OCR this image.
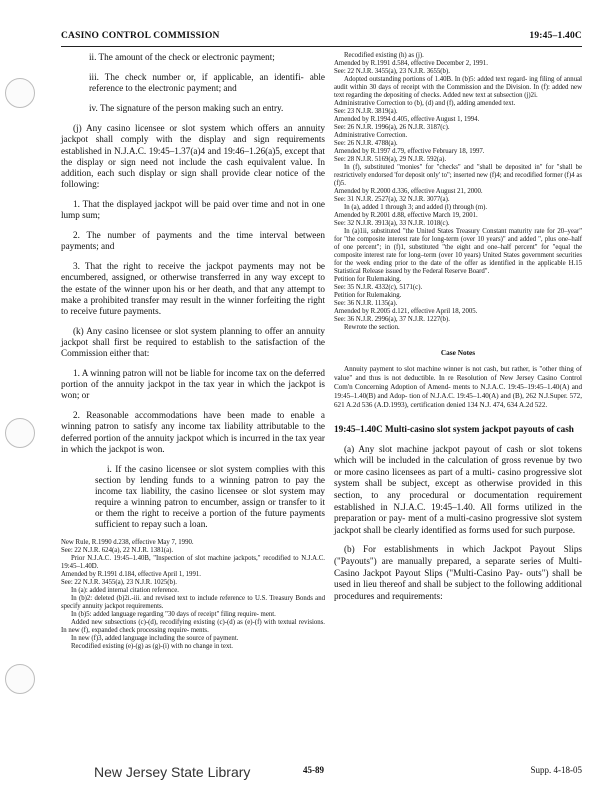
CASINO CONTROL COMMISSION	19:45–1.40C
ii. The amount of the check or electronic payment;
iii. The check number or, if applicable, an identifi- able reference to the electronic payment; and
iv. The signature of the person making such an entry.
(j) Any casino licensee or slot system which offers an annuity jackpot shall comply with the display and sign requirements established in N.J.A.C. 19:45–1.37(a)4 and 19:46–1.26(a)5, except that the display or sign need not include the cash equivalent value. In addition, each such display or sign shall provide clear notice of the following:
1. That the displayed jackpot will be paid over time and not in one lump sum;
2. The number of payments and the time interval between payments; and
3. That the right to receive the jackpot payments may not be encumbered, assigned, or otherwise transferred in any way except to the estate of the winner upon his or her death, and that any attempt to make a prohibited transfer may result in the winner forfeiting the right to receive future payments.
(k) Any casino licensee or slot system planning to offer an annuity jackpot shall first be required to establish to the satisfaction of the Commission either that:
1. A winning patron will not be liable for income tax on the deferred portion of the annuity jackpot in the tax year in which the jackpot is won; or
2. Reasonable accommodations have been made to enable a winning patron to satisfy any income tax liability attributable to the deferred portion of the annuity jackpot which is incurred in the tax year in which the jackpot is won.
i. If the casino licensee or slot system complies with this section by lending funds to a winning patron to pay the income tax liability, the casino licensee or slot system may require a winning patron to encumber, assign or transfer to it or them the right to receive a portion of the future payments sufficient to repay such a loan.

New Rule, R.1990 d.238, effective May 7, 1990.

See: 22 N.J.R. 624(a), 22 N.J.R. 1381(a).

Prior N.J.A.C. 19:45–1.40B, "Inspection of slot machine jackpots," recodified to N.J.A.C. 19:45–1.40D.

Amended by R.1991 d.184, effective April 1, 1991.

See: 22 N.J.R. 3455(a), 23 N.J.R. 1025(b).

In (a): added internal citation reference.

In (b)2: deleted (b)2i.-iii. and revised text to include reference to U.S. Treasury Bonds and specify annuity jackpot requirements.

In (b)5: added language regarding "30 days of receipt" filing require- ment.

Added new subsections (c)-(d), recodifying existing (c)-(d) as (e)-(f) with textual revisions. In new (f), expanded check processing require- ments.

In new (f)3, added language including the source of payment.

Recodified existing (e)-(g) as (g)-(i) with no change in text.

Recodified existing (h) as (j).

Amended by R.1991 d.584, effective December 2, 1991.

See: 22 N.J.R. 3455(a), 23 N.J.R. 3655(b).

Adopted outstanding portions of 1.40B. In (b)5: added text regard- ing filing of annual audit within 30 days of receipt with the Commission and the Division. In (f): added new text regarding the depositing of checks. Added new text at subsection (j)2i.

Administrative Correction to (b), (d) and (f), adding amended text.

See: 23 N.J.R. 3819(a).

Amended by R.1994 d.405, effective August 1, 1994.

See: 26 N.J.R. 1996(a), 26 N.J.R. 3187(c).

Administrative Correction.

See: 26 N.J.R. 4788(a).

Amended by R.1997 d.79, effective February 18, 1997.

See: 28 N.J.R. 5169(a), 29 N.J.R. 592(a).

In (f), substituted "monies" for "checks" and "shall be deposited in" for "shall be restrictively endorsed 'for deposit only' to"; inserted new (f)4; and recodified former (f)4 as (f)5.

Amended by R.2000 d.336, effective August 21, 2000.

See: 31 N.J.R. 2527(a), 32 N.J.R. 3077(a).

In (a), added 1 through 3; and added (l) through (m).

Amended by R.2001 d.88, effective March 19, 2001.

See: 32 N.J.R. 3913(a), 33 N.J.R. 1018(c).

In (a)1ii, substituted "the United States Treasury Constant maturity rate for 20–year" for "the composite interest rate for long-term (over 10 years)" and added ", plus one–half of one percent"; in (f)1, substituted "the eight and one–half percent" for "equal the composite interest rate for long–term (over 10 years) United States government securities for the week ending prior to the date of the offer as identified in the applicable H.15 Statistical Release issued by the Federal Reserve Board".

Petition for Rulemaking.

See: 35 N.J.R. 4332(c), 5171(c).

Petition for Rulemaking.

See: 36 N.J.R. 1135(a).

Amended by R.2005 d.121, effective April 18, 2005.

See: 36 N.J.R. 2996(a), 37 N.J.R. 1227(b).

Rewrote the section.

Case Notes

Annuity payment to slot machine winner is not cash, but rather, is "other thing of value" and thus is not deductible. In re Resolution of New Jersey Casino Control Com'n Concerning Adoption of Amend- ments to N.J.A.C. 19:45–19:45–1.40(A) and 19:45–1.40(B) and Adop- tion of N.J.A.C. 19:45–1.40(A) and (B), 262 N.J.Super. 572, 621 A.2d 536 (A.D.1993), certification denied 134 N.J. 474, 634 A.2d 522.

19:45–1.40C Multi-casino slot system jackpot payouts of cash
(a) Any slot machine jackpot payout of cash or slot tokens which will be included in the calculation of gross revenue by two or more casino licensees as part of a multi- casino progressive slot system shall be subject, except as otherwise provided in this section, to any procedural or documentation requirement established in N.J.A.C. 19:45–1.40. All forms utilized in the preparation or pay- ment of a multi-casino progressive slot system jackpot shall be clearly identified as forms used for such purpose.
(b) For establishments in which Jackpot Payout Slips ("Payouts") are manually prepared, a separate series of Multi-Casino Jackpot Payout Slips ("Multi-Casino Pay- outs") shall be used in lieu thereof and shall be subject to the following additional procedures and requirements:
New Jersey State Library	45-89	Supp. 4-18-05
